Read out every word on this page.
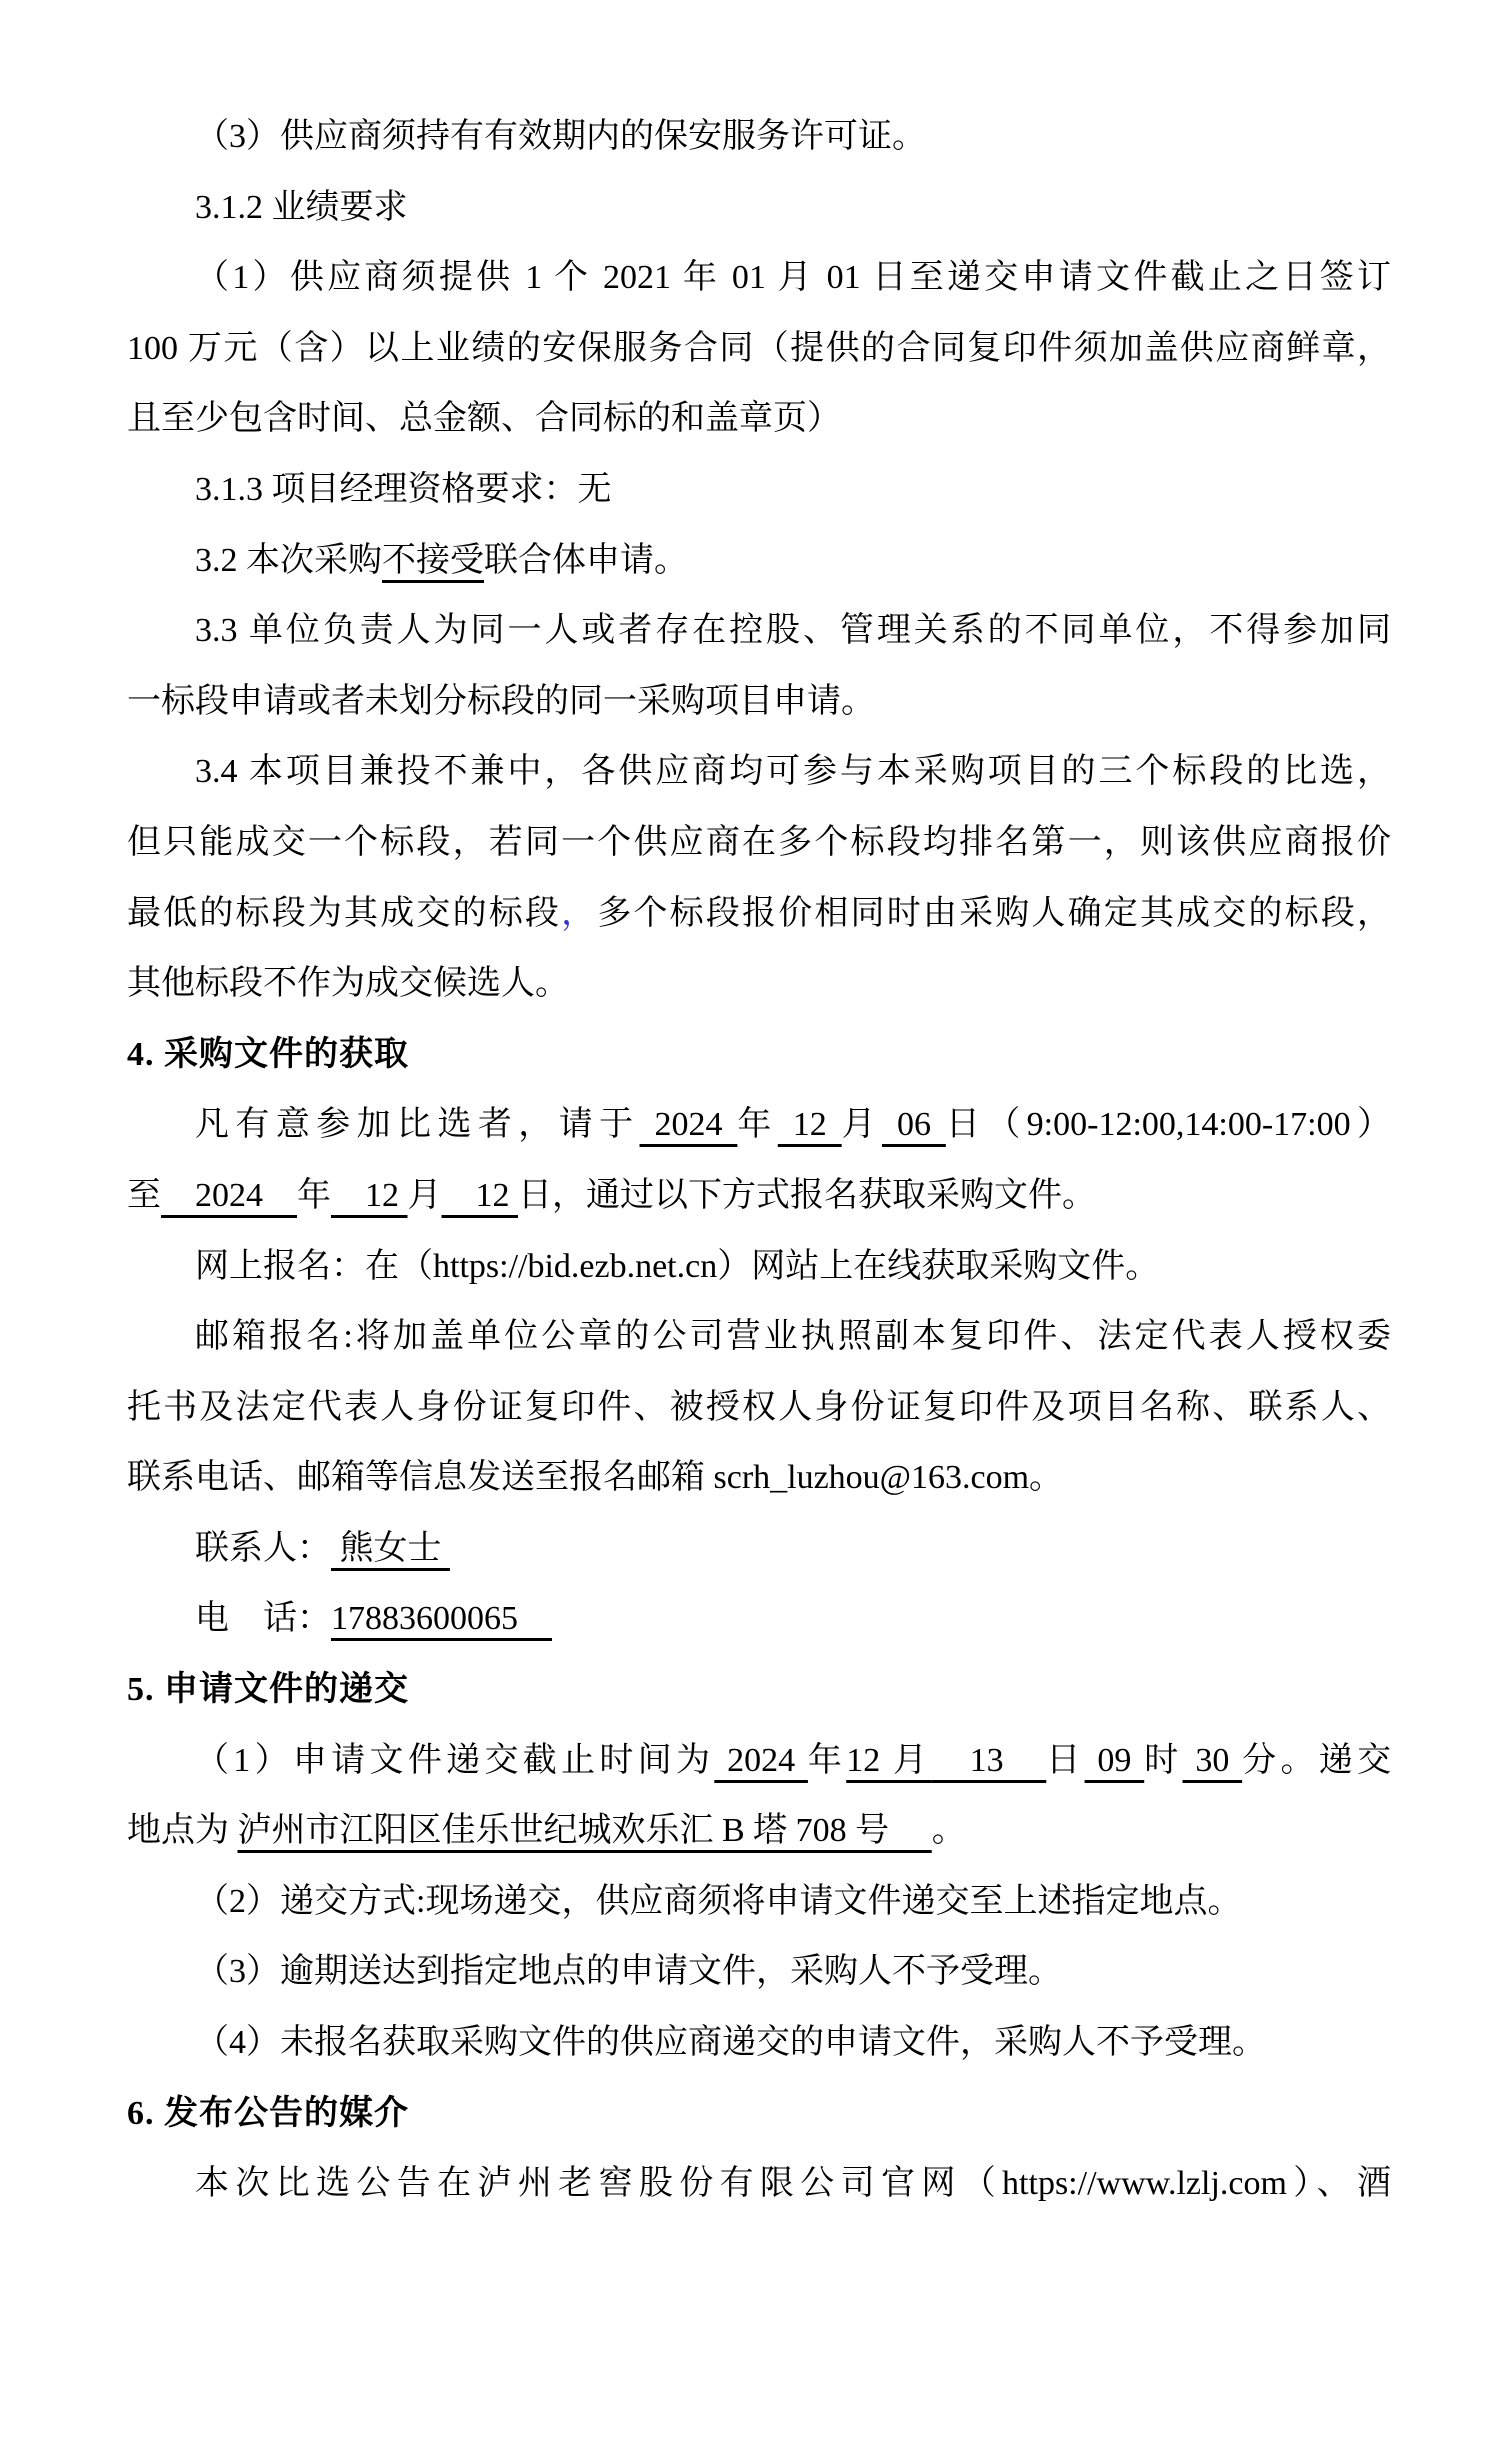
（3）供应商须持有有效期内的保安服务许可证。
3.1.2 业绩要求
（1）供应商须提供 1 个 2021 年 01 月 01 日至递交申请文件截止之日签订
100 万元（含）以上业绩的安保服务合同（提供的合同复印件须加盖供应商鲜章，
且至少包含时间、总金额、合同标的和盖章页）
3.1.3 项目经理资格要求：无
3.2 本次采购不接受联合体申请。
3.3 单位负责人为同一人或者存在控股、管理关系的不同单位，不得参加同
一标段申请或者未划分标段的同一采购项目申请。
3.4 本项目兼投不兼中，各供应商均可参与本采购项目的三个标段的比选，
但只能成交一个标段，若同一个供应商在多个标段均排名第一，则该供应商报价
最低的标段为其成交的标段，多个标段报价相同时由采购人确定其成交的标段，
其他标段不作为成交候选人。
4. 采购文件的获取
凡有意参加比选者，请于 2024 年 12 月 06 日（9:00-12:00,14:00-17:00）
至　2024　年　12 月　12 日，通过以下方式报名获取采购文件。
网上报名：在（https://bid.ezb.net.cn）网站上在线获取采购文件。
邮箱报名:将加盖单位公章的公司营业执照副本复印件、法定代表人授权委
托书及法定代表人身份证复印件、被授权人身份证复印件及项目名称、联系人、
联系电话、邮箱等信息发送至报名邮箱 scrh_luzhou@163.com。
联系人： 熊女士
电　话：17883600065　
5. 申请文件的递交
（1）申请文件递交截止时间为 2024 年12 月　13　日 09 时 30 分。递交
地点为 泸州市江阳区佳乐世纪城欢乐汇 B 塔 708 号　 。
（2）递交方式:现场递交，供应商须将申请文件递交至上述指定地点。
（3）逾期送达到指定地点的申请文件，采购人不予受理。
（4）未报名获取采购文件的供应商递交的申请文件，采购人不予受理。
6. 发布公告的媒介
本次比选公告在泸州老窖股份有限公司官网（https://www.lzlj.com）、酒
